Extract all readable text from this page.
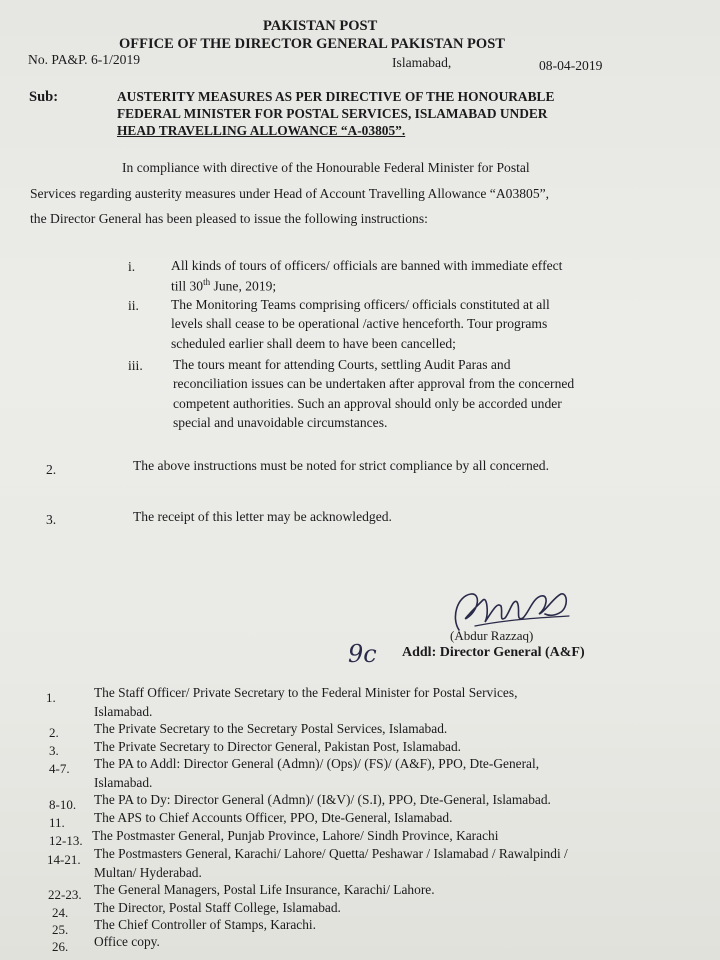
PAKISTAN POST
OFFICE OF THE DIRECTOR GENERAL PAKISTAN POST
No. PA&P. 6-1/2019	Islamabad,	08-04-2019
Sub:	AUSTERITY MEASURES AS PER DIRECTIVE OF THE HONOURABLE
FEDERAL MINISTER FOR POSTAL SERVICES, ISLAMABAD UNDER
HEAD TRAVELLING ALLOWANCE “A-03805”.
In compliance with directive of the Honourable Federal Minister for Postal
Services regarding austerity measures under Head of Account Travelling Allowance “A03805”,
the Director General has been pleased to issue the following instructions:
i.	All kinds of tours of officers/ officials are banned with immediate effect
till 30th June, 2019;
ii. The Monitoring Teams comprising officers/ officials constituted at all
levels shall cease to be operational /active henceforth. Tour programs
scheduled earlier shall deem to have been cancelled;
iii. The tours meant for attending Courts, settling Audit Paras and
reconciliation issues can be undertaken after approval from the concerned
competent authorities. Such an approval should only be accorded under
special and unavoidable circumstances.
2.	The above instructions must be noted for strict compliance by all concerned.
3.	The receipt of this letter may be acknowledged.
(Abdur Razzaq)
9c Addl: Director General (A&F)
1.	The Staff Officer/ Private Secretary to the Federal Minister for Postal Services,
Islamabad.
2.	The Private Secretary to the Secretary Postal Services, Islamabad.
3.	The Private Secretary to Director General, Pakistan Post, Islamabad.
4-7. The PA to Addl: Director General (Admn)/ (Ops)/ (FS)/ (A&F), PPO, Dte-General,
Islamabad.
8-10. The PA to Dy: Director General (Admn)/ (I&V)/ (S.I), PPO, Dte-General, Islamabad.
11. The APS to Chief Accounts Officer, PPO, Dte-General, Islamabad.
12-13. The Postmaster General, Punjab Province, Lahore/ Sindh Province, Karachi
14-21. The Postmasters General, Karachi/ Lahore/ Quetta/ Peshawar / Islamabad / Rawalpindi /
Multan/ Hyderabad.
22-23. The General Managers, Postal Life Insurance, Karachi/ Lahore.
24. The Director, Postal Staff College, Islamabad.
25. The Chief Controller of Stamps, Karachi.
26. Office copy.
